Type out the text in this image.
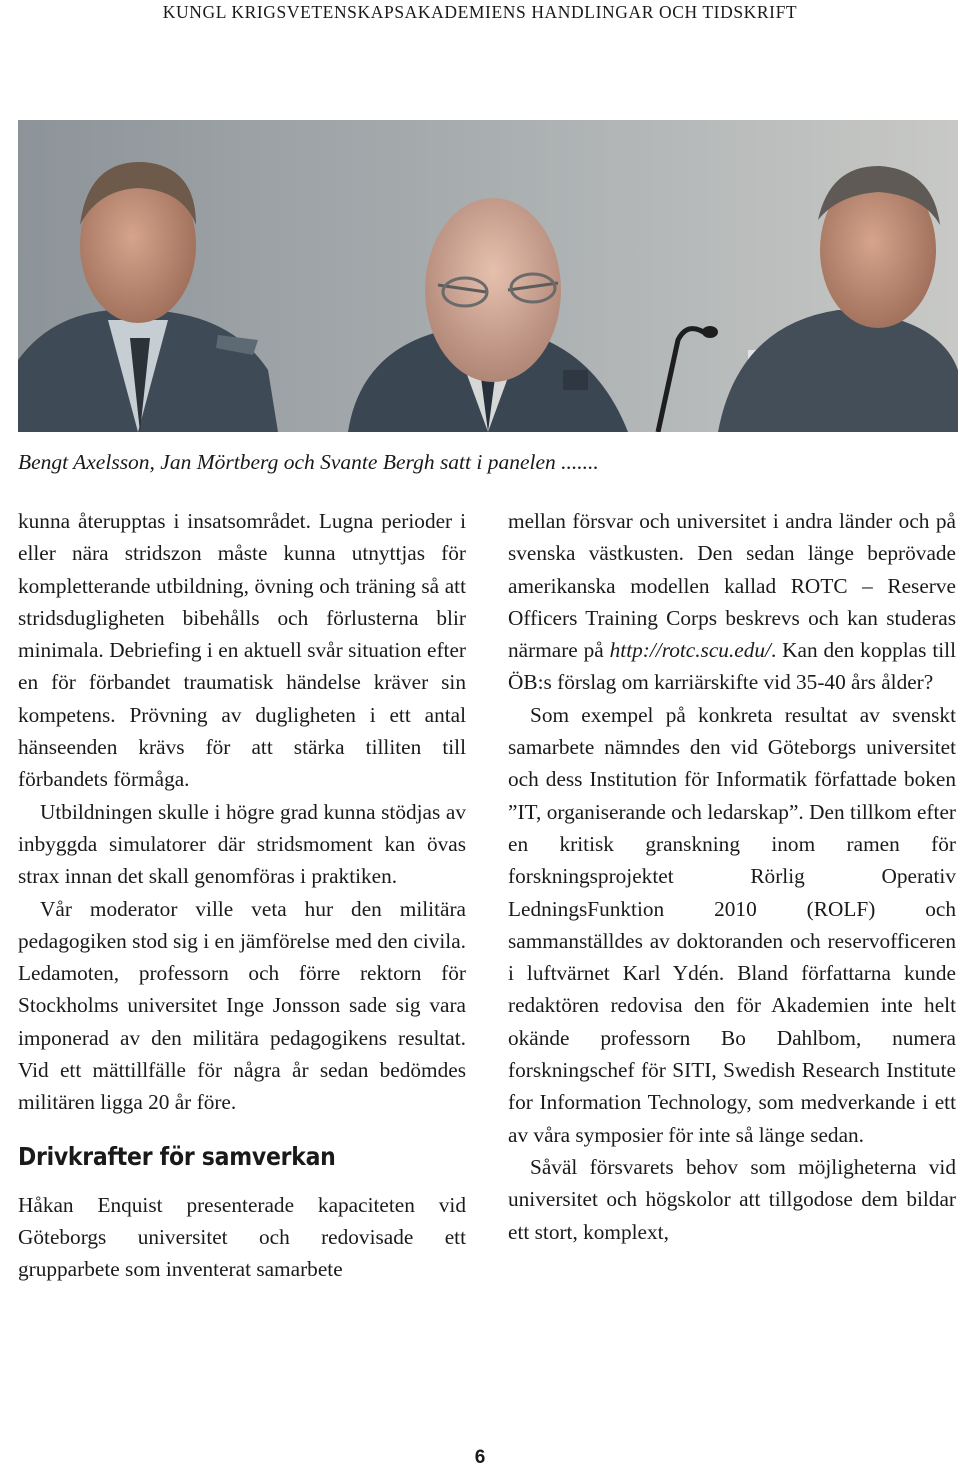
KUNGL KRIGSVETENSKAPSAKADEMIENS HANDLINGAR OCH TIDSKRIFT
Bengt Axelsson, Jan Mörtberg och Svante Bergh satt i panelen .......

kunna återupptas i insatsområdet. Lugna perioder i eller nära stridszon måste kunna utnyttjas för kompletterande utbildning, övning och träning så att stridsdugligheten bibehålls och förlusterna blir minimala. Debriefing i en aktuell svår situation efter en för förbandet traumatisk händelse kräver sin kompetens. Prövning av dugligheten i ett antal hänseenden krävs för att stärka tilliten till förbandets förmåga.

Utbildningen skulle i högre grad kunna stödjas av inbyggda simulatorer där stridsmoment kan övas strax innan det skall genomföras i praktiken.

Vår moderator ville veta hur den militära pedagogiken stod sig i en jämförelse med den civila. Ledamoten, professorn och förre rektorn för Stockholms universitet Inge Jonsson sade sig vara imponerad av den militära pedagogikens resultat. Vid ett mättillfälle för några år sedan bedömdes militären ligga 20 år före.

Drivkrafter för samverkan

Håkan Enquist presenterade kapaciteten vid Göteborgs universitet och redovisade ett grupparbete som inventerat samarbete

mellan försvar och universitet i andra länder och på svenska västkusten. Den sedan länge beprövade amerikanska modellen kallad ROTC – Reserve Officers Training Corps beskrevs och kan studeras närmare på http://rotc.scu.edu/. Kan den kopplas till ÖB:s förslag om karriärskifte vid 35-40 års ålder?

Som exempel på konkreta resultat av svenskt samarbete nämndes den vid Göteborgs universitet och dess Institution för Informatik författade boken ”IT, organiserande och ledarskap”. Den tillkom efter en kritisk granskning inom ramen för forskningsprojektet Rörlig Operativ LedningsFunktion 2010 (ROLF) och sammanställdes av doktoranden och reservofficeren i luftvärnet Karl Ydén. Bland författarna kunde redaktören redovisa den för Akademien inte helt okände professorn Bo Dahlbom, numera forskningschef för SITI, Swedish Research Institute for Information Technology, som medverkande i ett av våra symposier för inte så länge sedan.

Såväl försvarets behov som möjligheterna vid universitet och högskolor att tillgodose dem bildar ett stort, komplext,

6
